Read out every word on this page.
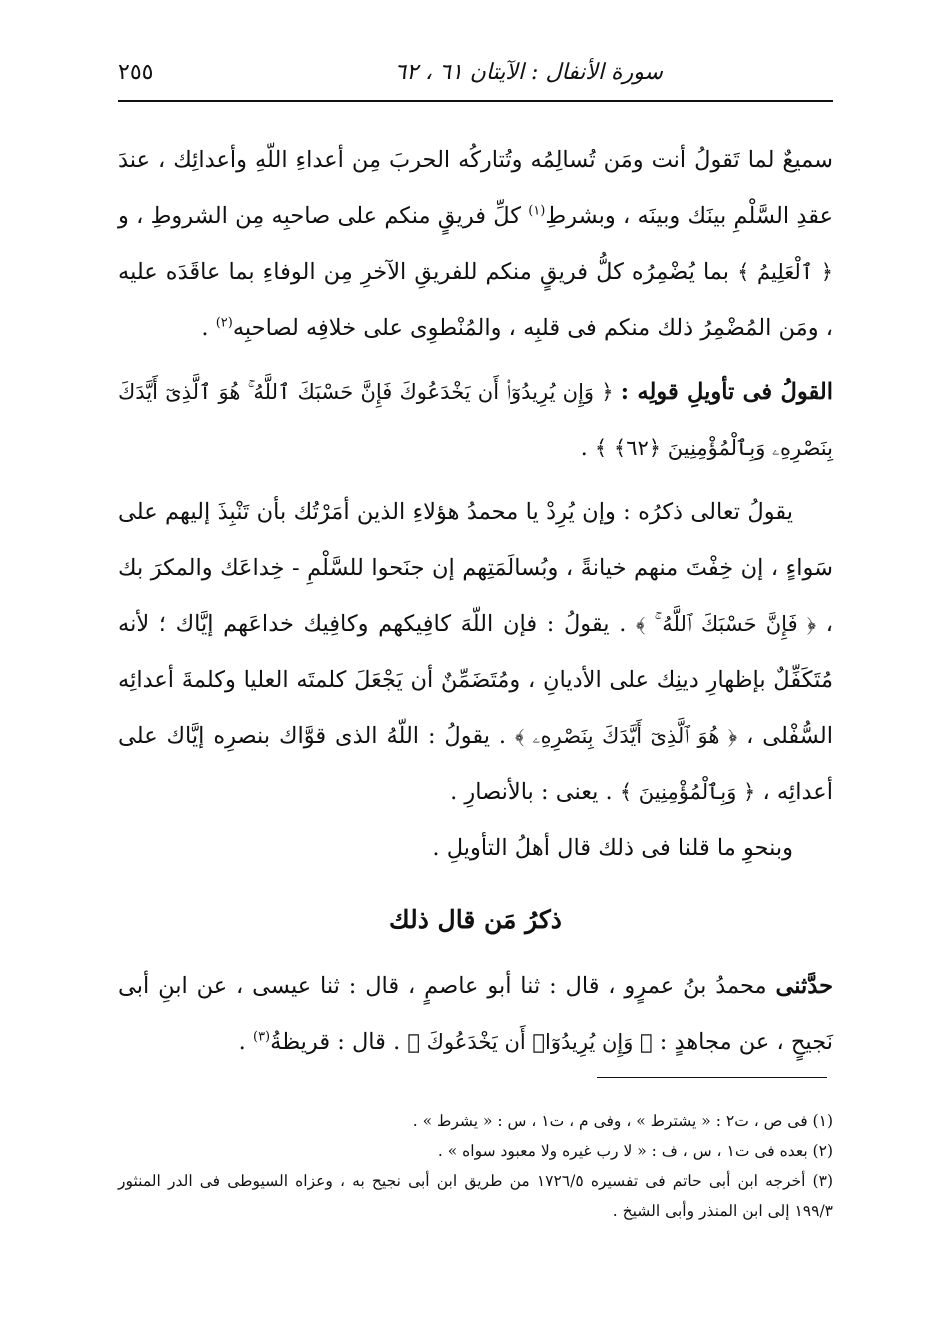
سورة الأنفال : الآيتان ٦١ ، ٦٢
٢٥٥

سميعٌ لما تَقولُ أنت ومَن تُسالِمُه وتُتاركُه الحربَ مِن أعداءِ اللّهِ وأعدائِك ، عندَ عقدِ السَّلْمِ بينَك وبينَه ، وبشرطِ$^{(١)}$ كلِّ فريقٍ منكم على صاحبِه مِن الشروطِ ، و ﴿ ٱلْعَلِيمُ ﴾ بما يُضْمِرُه كلُّ فريقٍ منكم للفريقِ الآخرِ مِن الوفاءِ بما عاقَدَه عليه ، ومَن المُضْمِرُ ذلك منكم فى قلبِه ، والمُنْطوِى على خلافِه لصاحبِه$^{(٢)}$ .

القولُ فى تأويلِ قولِه : ﴿ وَإِن يُرِيدُوٓا۟ أَن يَخْدَعُوكَ فَإِنَّ حَسْبَكَ ٱللَّهُ ۚ هُوَ ٱلَّذِىٓ أَيَّدَكَ بِنَصْرِهِۦ وَبِٱلْمُؤْمِنِينَ ﴿٦٢﴾ ﴾ .

يقولُ تعالى ذكرُه : وإن يُرِدْ يا محمدُ هؤلاءِ الذين أمَرْتُك بأن تَنْبِذَ إليهم على سَواءٍ ، إن خِفْتَ منهم خيانةً ، وبُسالَمَتِهم إن جنَحوا للسَّلْمِ - خِداعَك والمكرَ بك ، ﴿ فَإِنَّ حَسْبَكَ ٱللَّهُ ۚ ﴾ . يقولُ : فإن اللّهَ كافِيكهم وكافِيك خداعَهم إيَّاك ؛ لأنه مُتَكَفِّلٌ بإظهارِ دينِك على الأديانِ ، ومُتَضَمِّنٌ أن يَجْعَلَ كلمتَه العليا وكلمةَ أعدائِه السُّفْلى ، ﴿ هُوَ ٱلَّذِىٓ أَيَّدَكَ بِنَصْرِهِۦ ﴾ . يقولُ : اللّهُ الذى قوَّاك بنصرِه إيَّاك على أعدائِه ، ﴿ وَبِٱلْمُؤْمِنِينَ ﴾ . يعنى : بالأنصارِ .

وبنحوِ ما قلنا فى ذلك قال أهلُ التأويلِ .

ذكرُ مَن قال ذلك

حدَّثنى محمدُ بنُ عمرٍو ، قال : ثنا أبو عاصمٍ ، قال : ثنا عيسى ، عن ابنِ أبى نَجيحٍ ، عن مجاهدٍ : ﴿ وَإِن يُرِيدُوٓا۟ أَن يَخْدَعُوكَ ﴾ . قال : قريظةُ$^{(٣)}$ .

(١) فى ص ، ت٢ : « يشترط » ، وفى م ، ت١ ، س : « يشرط » .

(٢) بعده فى ت١ ، س ، ف : « لا رب غيره ولا معبود سواه » .

(٣) أخرجه ابن أبى حاتم فى تفسيره ١٧٢٦/٥ من طريق ابن أبى نجيح به ، وعزاه السيوطى فى الدر المنثور ١٩٩/٣ إلى ابن المنذر وأبى الشيخ .
